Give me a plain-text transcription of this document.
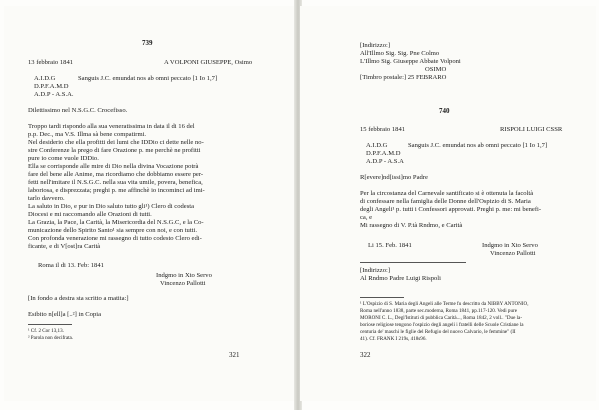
739
13 febbraio 1841	A VOLPONI GIUSEPPE, Osimo
A.I.D.G	Sanguis J.C. emundat nos ab omni peccato [1 Io 1,7]
D.P.F.A.M.D
A.D.P - A.S.A.
Dilettissimo nel N.S.G.C. Crocefisso.
Troppo tardi rispondo alla sua veneratissima in data il di 16 del
p.p. Dec., ma V.S. Illma sà bene compatirmi.
Nel desiderio che ella profitti dei lumi che IDDio ci dette nelle no-
stre Conferenze la prego di fare Orazione p. me perchè ne profitti
pure io come vuole IDDio.
Ella se corrisponde alle mire di Dio nella divina Vocazione potrà
fare del bene alle Anime, ma ricordiamo che dobbiamo essere per-
fetti nell'imitare il N.S.G.C. nella sua vita umile, povera, benefica,
laboriosa, e disprezzata; preghi p. me affinchè io incominci ad imi-
tarlo davvero.
La saluto in Dio, e pur in Dio saluto tutto gli¹) Clero di codesta
Diocesi e mi raccomando alle Orazioni di tutti.
La Grazia, la Pace, la Carità, la Misericordia del N.S.G.C, e la Co-
municazione dello Spirito Santo¹ sia sempre con noi, e con tutti.
Con profonda venerazione mi rassegno di tutto codesto Clero edi-
ficante, e di V[ost]ra Carità
Roma il di 13. Feb: 1841
Indgmo in Xto Servo
Vincenzo Pallotti
[In fondo a destra sta scritto a matita:]
Esibito n[ell]a [..²] in Copia
¹ Cf. 2 Cor 13,13.
² Parola non decifrata.
321
[Indirizzo:]
All'Illmo Sig. Sig. Pne Colmo
L'Illmo Sig. Giuseppe Abbate Volponi
OSIMO
[Timbro postale:] 25 FEBRARO
740
15 febbraio 1841	RISPOLI LUIGI CSSR
A.I.D.G	Sanguis J.C. emundat nos ab omni peccato [1 Io 1,7]
D.P.F.A.M.D
A.D.P - A.S.A
R[evere]nd[issi]mo Padre
Per la circostanza del Carnevale santificato si è ottenuta la facoltà
di confessare nella famiglia delle Donne dell'Ospizio di S. Maria
degli Angeli¹ p. tutti i Confessori approvati. Preghi p. me: mi benefi-
ca, e
Mi rassegno di V. P.tà Rndmo, e Carità
Li 15. Feb. 1841	Indgmo in Xto Servo
Vincenzo Pallotti
[Indirizzo:]
Al Rndmo Padre Luigi Rispoli
¹ L'Ospizio di S. Maria degli Angeli alle Terme fu descritto da NIBBY ANTONIO,
Roma nell'anno 1838, parte sec.moderna, Roma 1841, pp.117-120. Vedi pure
MORONI C. L., Degl'Istituti di pubblica Carità..., Roma 1842, 2 voll.. "Due la-
boriose religiose tengono l'ospizio degli angeli i fratelli delle Scuole Cristiane la
centuria de' maschi le figlie del Refugio del nuovo Calvario, le femmine" (II
41). Cf. FRANK I 219s, 418s96.
322
